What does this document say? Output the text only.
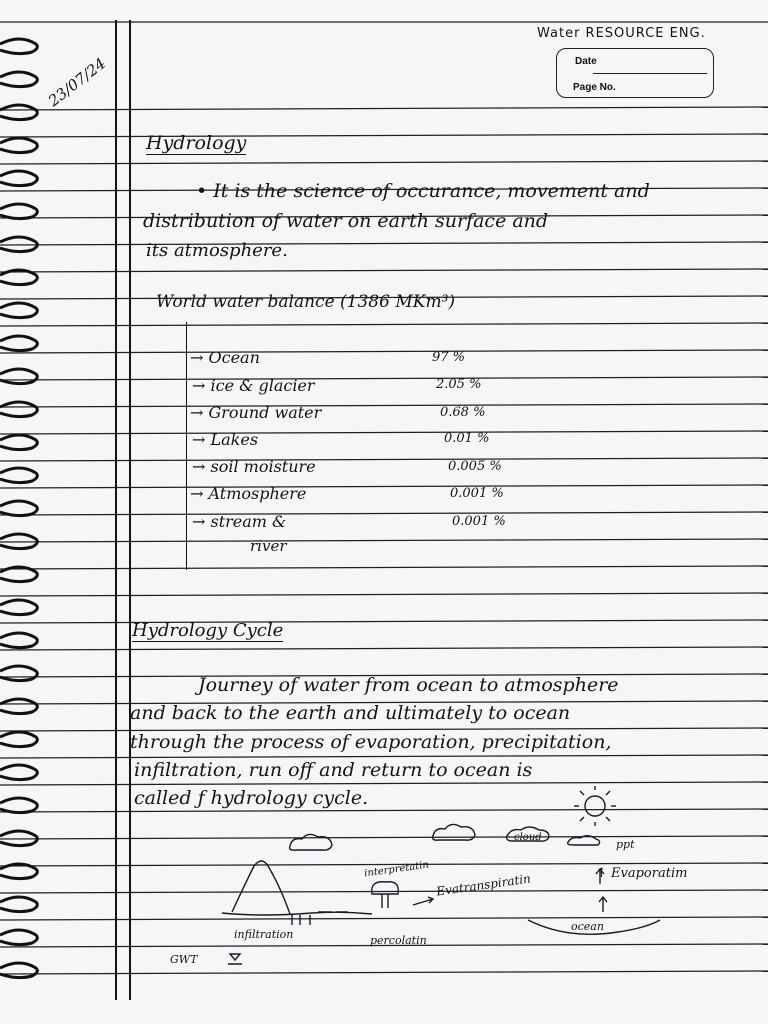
Water RESOURCE ENG.
Date
Page No.
23/07/24
Hydrology
• It is the science of occurance, movement and
distribution of water on earth surface and
its atmosphere.
World water balance (1386 MKm³)
→ Ocean	97 %
→ ice & glacier	2.05 %
→ Ground water	0.68 %
→ Lakes	0.01 %
→ soil moisture	0.005 %
→ Atmosphere	0.001 %
→ stream &	0.001 %
river
Hydrology Cycle
Journey of water from ocean to atmosphere
and back to the earth and ultimately to ocean
through the process of evaporation, precipitation,
infiltration, run off and return to ocean is
called ƒ hydrology cycle.
cloud
ppt
↑ Evaporatim
interpretatin
Evatranspiratin
ocean
infiltration	percolatin
GWT
